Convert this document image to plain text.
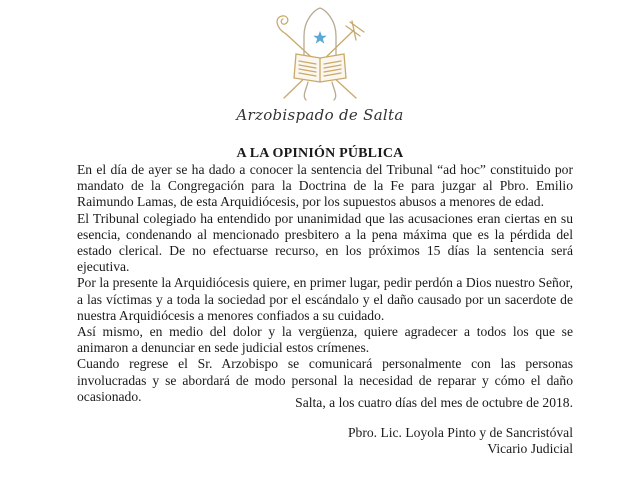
Arzobispado de Salta
A LA OPINIÓN PÚBLICA

En el día de ayer se ha dado a conocer la sentencia del Tribunal “ad hoc” constituido por mandato de la Congregación para la Doctrina de la Fe para juzgar al Pbro. Emilio Raimundo Lamas, de esta Arquidiócesis, por los supuestos abusos a menores de edad.

El Tribunal colegiado ha entendido por unanimidad que las acusaciones eran ciertas en su esencia, condenando al mencionado presbitero a la pena máxima que es la pérdida del estado clerical. De no efectuarse recurso, en los próximos 15 días la sentencia será ejecutiva.

Por la presente la Arquidiócesis quiere, en primer lugar, pedir perdón a Dios nuestro Señor, a las víctimas y a toda la sociedad por el escándalo y el daño causado por un sacerdote de nuestra Arquidiócesis a menores confiados a su cuidado.

Así mismo, en medio del dolor y la vergüenza, quiere agradecer a todos los que se animaron a denunciar en sede judicial estos crímenes.

Cuando regrese el Sr. Arzobispo se comunicará personalmente con las personas involucradas y se abordará de modo personal la necesidad de reparar y cómo el daño ocasionado.	Salta, a los cuatro días del mes de octubre de 2018.
Pbro. Lic. Loyola Pinto y de Sancristóval
Vicario Judicial
